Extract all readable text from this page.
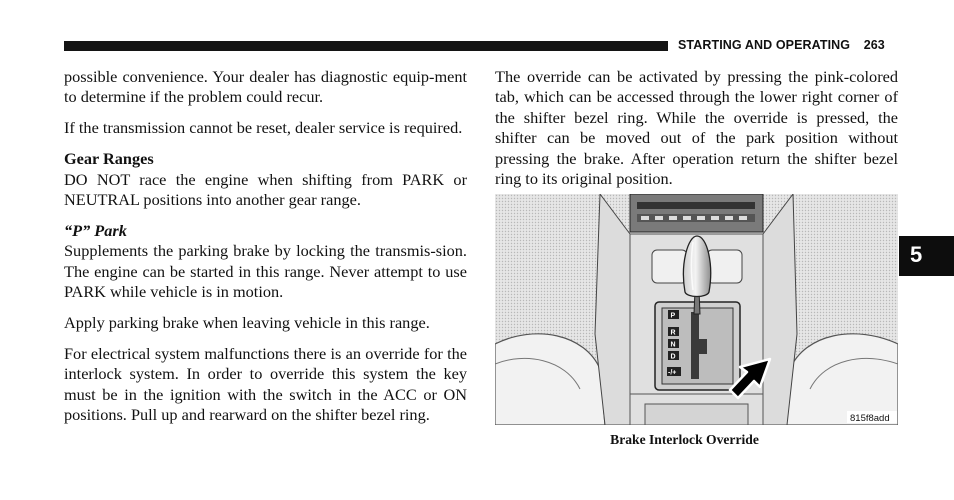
STARTING AND OPERATING 263

possible convenience. Your dealer has diagnostic equip-ment to determine if the problem could recur.

If the transmission cannot be reset, dealer service is required.

Gear Ranges

DO NOT race the engine when shifting from PARK or NEUTRAL positions into another gear range.

“P” Park

Supplements the parking brake by locking the transmis-sion. The engine can be started in this range. Never attempt to use PARK while vehicle is in motion.

Apply parking brake when leaving vehicle in this range.

For electrical system malfunctions there is an override for the interlock system. In order to override this system the key must be in the ignition with the switch in the ACC or ON positions. Pull up and rearward on the shifter bezel ring.

The override can be activated by pressing the pink-colored tab, which can be accessed through the lower right corner of the shifter bezel ring. While the override is pressed, the shifter can be moved out of the park position without pressing the brake. After operation return the shifter bezel ring to its original position.

P
R
N
D
-/+
815f8add
Brake Interlock Override
5
